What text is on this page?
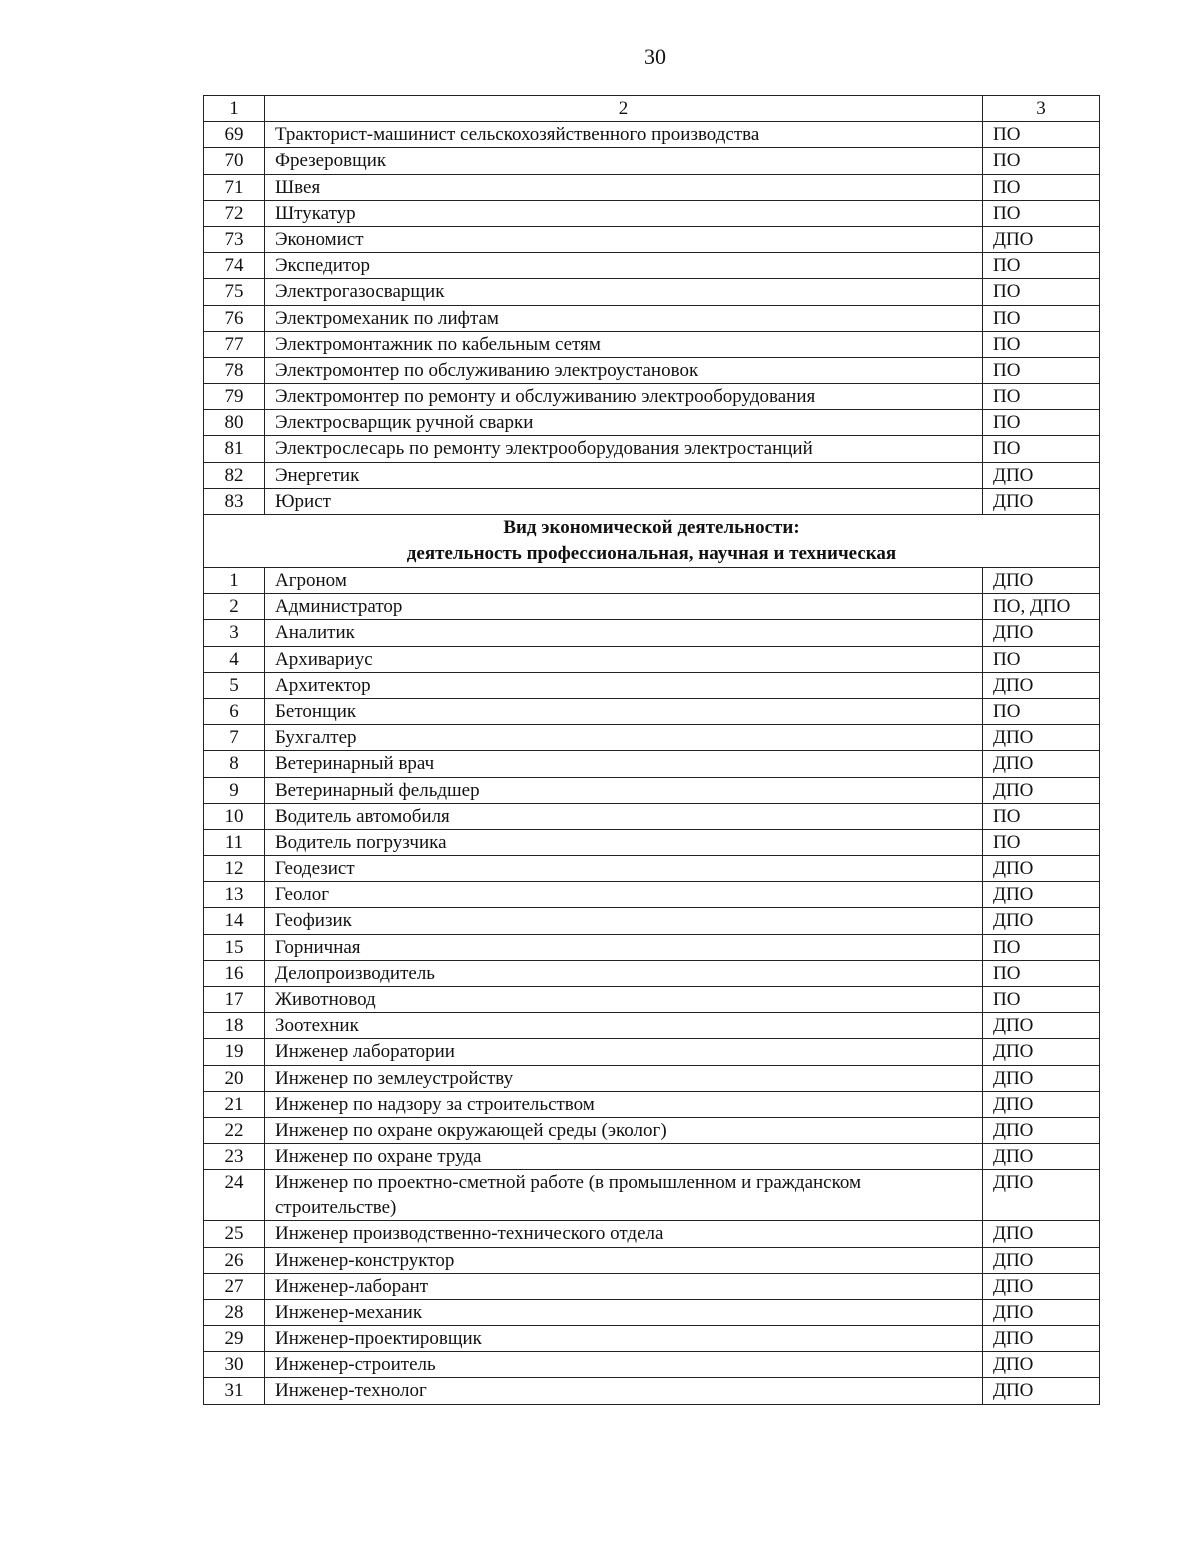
30
1	2	3
69	Тракторист-машинист сельскохозяйственного производства	ПО
70	Фрезеровщик	ПО
71	Швея	ПО
72	Штукатур	ПО
73	Экономист	ДПО
74	Экспедитор	ПО
75	Электрогазосварщик	ПО
76	Электромеханик по лифтам	ПО
77	Электромонтажник по кабельным сетям	ПО
78	Электромонтер по обслуживанию электроустановок	ПО
79	Электромонтер по ремонту и обслуживанию электрооборудования	ПО
80	Электросварщик ручной сварки	ПО
81	Электрослесарь по ремонту электрооборудования электростанций	ПО
82	Энергетик	ДПО
83	Юрист	ДПО

Вид экономической деятельности:
деятельность профессиональная, научная и техническая		

1	Агроном	ДПО
2	Администратор	ПО, ДПО
3	Аналитик	ДПО
4	Архивариус	ПО
5	Архитектор	ДПО
6	Бетонщик	ПО
7	Бухгалтер	ДПО
8	Ветеринарный врач	ДПО
9	Ветеринарный фельдшер	ДПО
10	Водитель автомобиля	ПО
11	Водитель погрузчика	ПО
12	Геодезист	ДПО
13	Геолог	ДПО
14	Геофизик	ДПО
15	Горничная	ПО
16	Делопроизводитель	ПО
17	Животновод	ПО
18	Зоотехник	ДПО
19	Инженер лаборатории	ДПО
20	Инженер по землеустройству	ДПО
21	Инженер по надзору за строительством	ДПО
22	Инженер по охране окружающей среды (эколог)	ДПО
23	Инженер по охране труда	ДПО
24	Инженер по проектно-сметной работе (в промышленном и гражданском строительстве)	ДПО
25	Инженер производственно-технического отдела	ДПО
26	Инженер-конструктор	ДПО
27	Инженер-лаборант	ДПО
28	Инженер-механик	ДПО
29	Инженер-проектировщик	ДПО
30	Инженер-строитель	ДПО
31	Инженер-технолог	ДПО
